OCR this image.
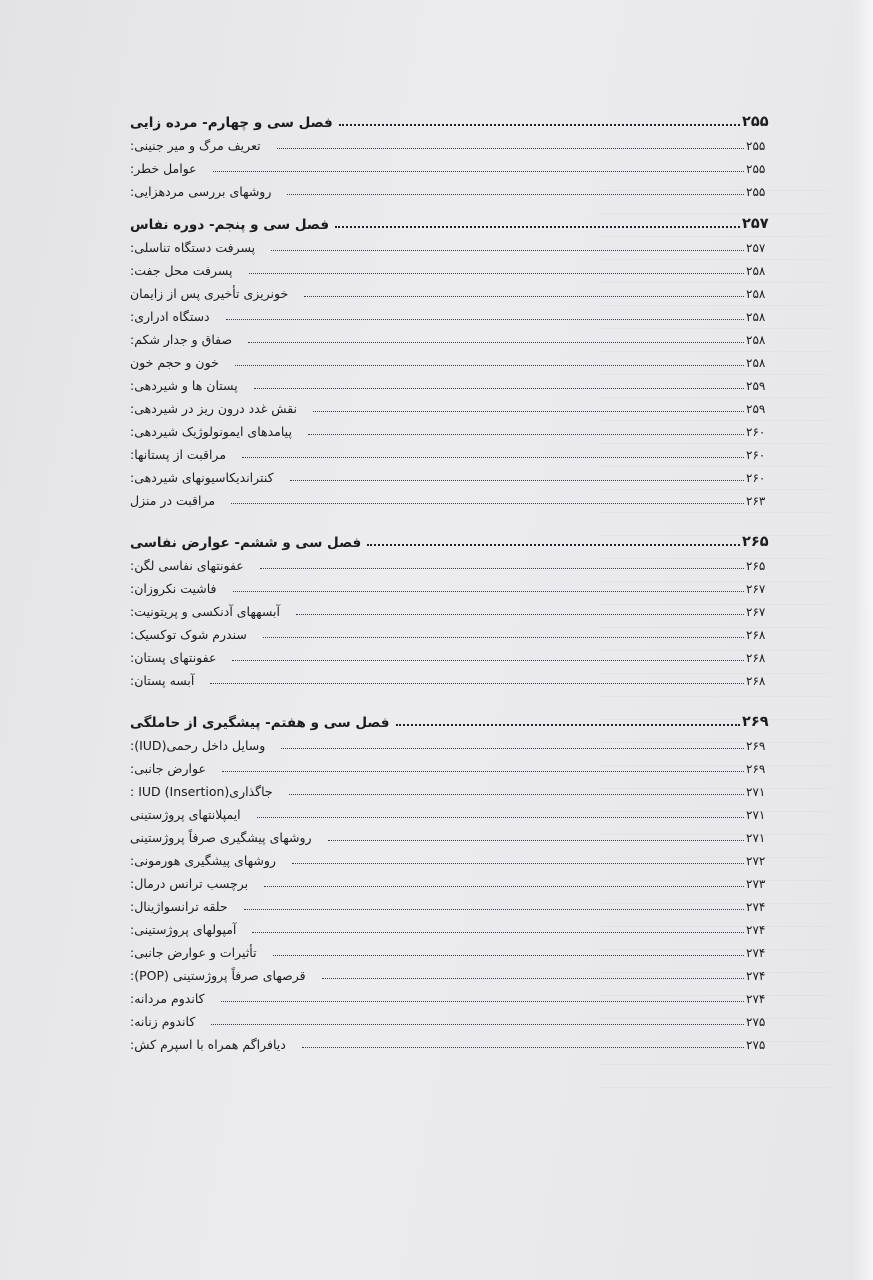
فصل سی و چهارم- مرده زایی	۲۵۵
تعریف مرگ و میر جنینی:	۲۵۵
عوامل خطر:	۲۵۵
روشهای بررسی مردهزایی:	۲۵۵
فصل سی و پنجم- دوره نفاس	۲۵۷
پسرفت دستگاه تناسلی:	۲۵۷
پسرفت محل جفت:	۲۵۸
خونریزی تأخیری پس از زایمان	۲۵۸
دستگاه ادراری:	۲۵۸
صفاق و جدار شکم:	۲۵۸
خون و حجم خون	۲۵۸
پستان ها و شیردهی:	۲۵۹
نقش غدد درون ریز در شیردهی:	۲۵۹
پیامدهای ایمونولوژیک شیردهی:	۲۶۰
مراقبت از پستانها:	۲۶۰
کنتراندیکاسیونهای شیردهی:	۲۶۰
مراقبت در منزل	۲۶۳
فصل سی و ششم- عوارض نفاسی	۲۶۵
عفونتهای نفاسی لگن:	۲۶۵
فاشیت نکروزان:	۲۶۷
آبسههای آدنکسی و پریتونیت:	۲۶۷
سندرم شوک توکسیک:	۲۶۸
عفونتهای پستان:	۲۶۸
آبسه پستان:	۲۶۸
فصل سی و هفتم- پیشگیری از حاملگی	۲۶۹
وسایل داخل رحمی(IUD):	۲۶۹
عوارض جانبی:	۲۶۹
جاگذاری(Insertion) IUD :	۲۷۱
ایمپلانتهای پروژستینی	۲۷۱
روشهای پیشگیری صرفاً پروژستینی	۲۷۱
روشهای پیشگیری هورمونی:	۲۷۲
برچسب ترانس درمال:	۲۷۳
حلقه ترانسواژینال:	۲۷۴
آمپولهای پروژستینی:	۲۷۴
تأثیرات و عوارض جانبی:	۲۷۴
قرصهای صرفاً پروژستینی (POP):	۲۷۴
کاندوم مردانه:	۲۷۴
کاندوم زنانه:	۲۷۵
دیافراگم همراه با اسپرم کش:	۲۷۵
